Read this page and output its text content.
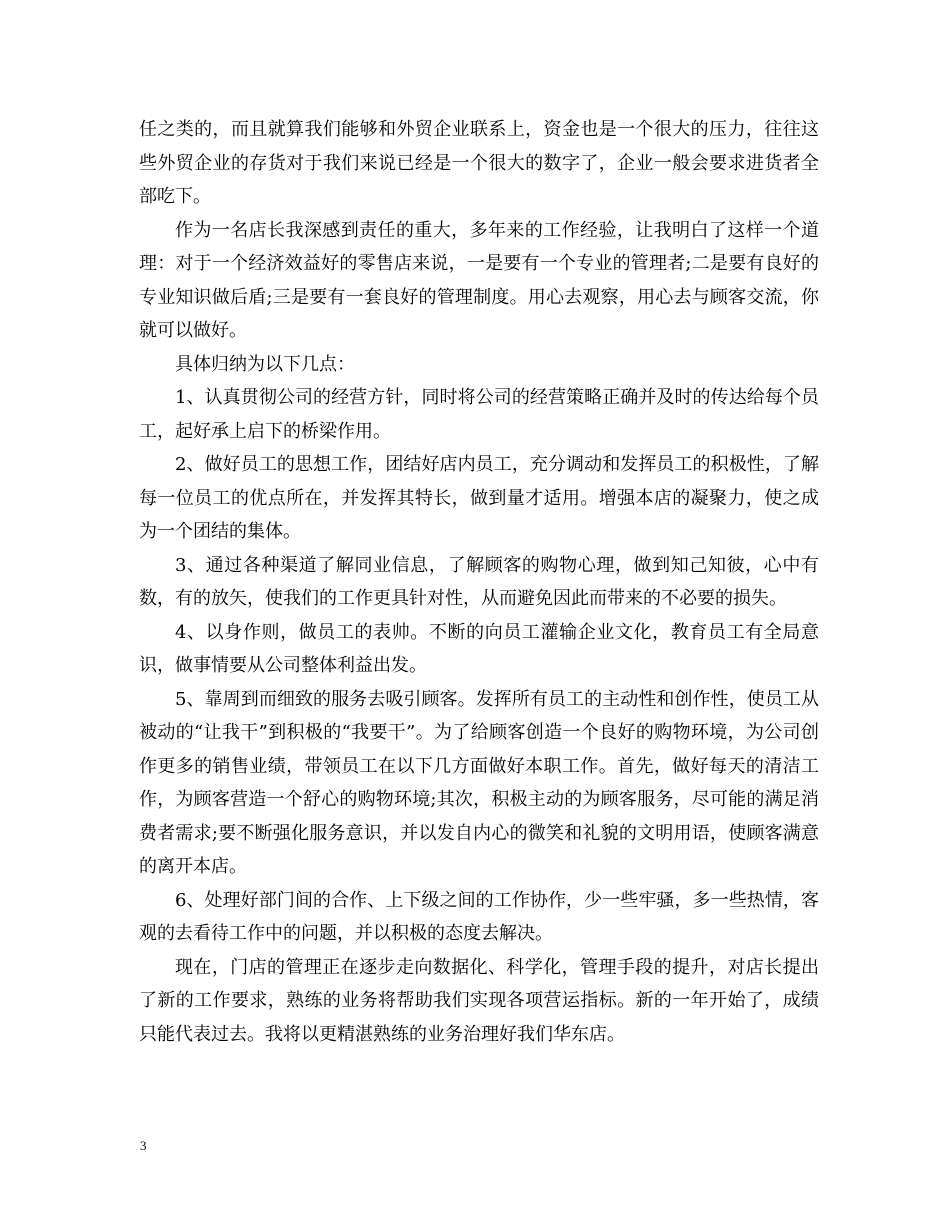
任之类的，而且就算我们能够和外贸企业联系上，资金也是一个很大的压力，往往这些外贸企业的存货对于我们来说已经是一个很大的数字了，企业一般会要求进货者全部吃下。

作为一名店长我深感到责任的重大，多年来的工作经验，让我明白了这样一个道理：对于一个经济效益好的零售店来说，一是要有一个专业的管理者;二是要有良好的专业知识做后盾;三是要有一套良好的管理制度。用心去观察，用心去与顾客交流，你就可以做好。

具体归纳为以下几点：

1、认真贯彻公司的经营方针，同时将公司的经营策略正确并及时的传达给每个员工，起好承上启下的桥梁作用。

2、做好员工的思想工作，团结好店内员工，充分调动和发挥员工的积极性，了解每一位员工的优点所在，并发挥其特长，做到量才适用。增强本店的凝聚力，使之成为一个团结的集体。

3、通过各种渠道了解同业信息，了解顾客的购物心理，做到知己知彼，心中有数，有的放矢，使我们的工作更具针对性，从而避免因此而带来的不必要的损失。

4、以身作则，做员工的表帅。不断的向员工灌输企业文化，教育员工有全局意识，做事情要从公司整体利益出发。

5、靠周到而细致的服务去吸引顾客。发挥所有员工的主动性和创作性，使员工从被动的“让我干”到积极的“我要干”。为了给顾客创造一个良好的购物环境，为公司创作更多的销售业绩，带领员工在以下几方面做好本职工作。首先，做好每天的清洁工作，为顾客营造一个舒心的购物环境;其次，积极主动的为顾客服务，尽可能的满足消费者需求;要不断强化服务意识，并以发自内心的微笑和礼貌的文明用语，使顾客满意的离开本店。

6、处理好部门间的合作、上下级之间的工作协作，少一些牢骚，多一些热情，客观的去看待工作中的问题，并以积极的态度去解决。

现在，门店的管理正在逐步走向数据化、科学化，管理手段的提升，对店长提出了新的工作要求，熟练的业务将帮助我们实现各项营运指标。新的一年开始了，成绩只能代表过去。我将以更精湛熟练的业务治理好我们华东店。

3
